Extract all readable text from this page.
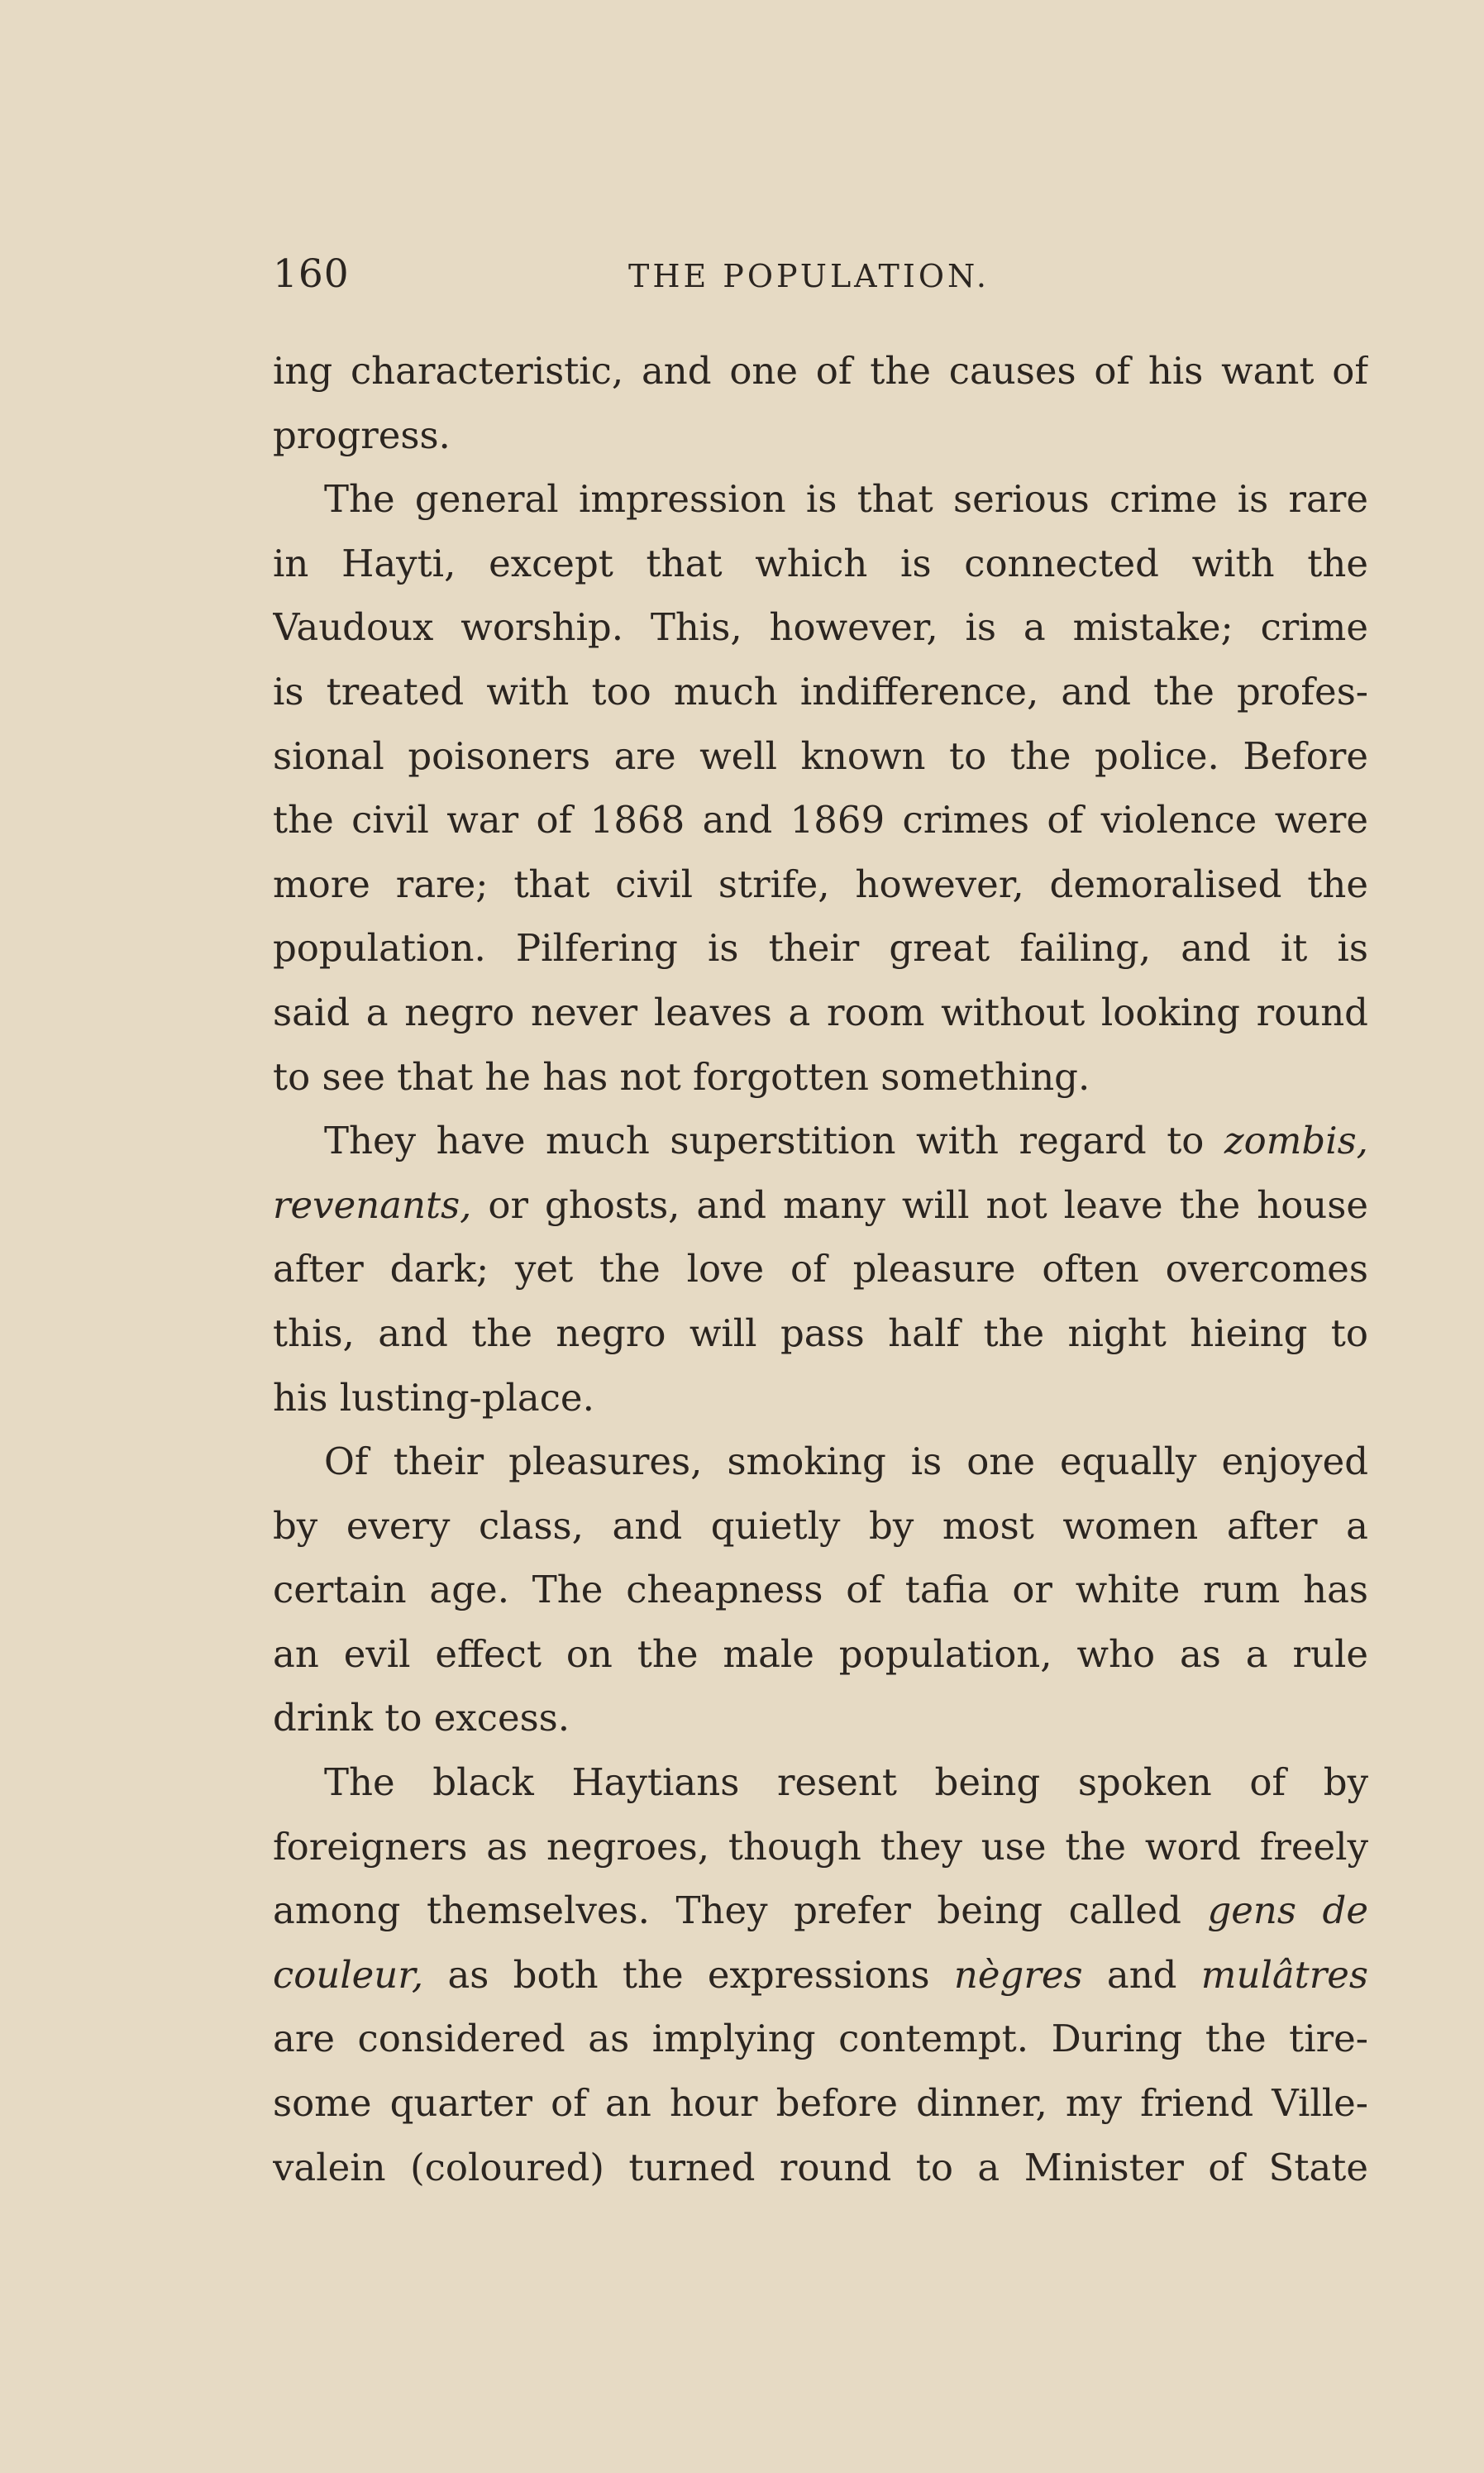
160	THE POPULATION.
ing characteristic, and one of the causes of his want of
progress.
The general impression is that serious crime is rare
in Hayti, except that which is connected with the
Vaudoux worship. This, however, is a mistake; crime
is treated with too much indifference, and the profes-
sional poisoners are well known to the police. Before
the civil war of 1868 and 1869 crimes of violence were
more rare; that civil strife, however, demoralised the
population. Pilfering is their great failing, and it is
said a negro never leaves a room without looking round
to see that he has not forgotten something.
They have much superstition with regard to zombis,
revenants, or ghosts, and many will not leave the house
after dark; yet the love of pleasure often overcomes
this, and the negro will pass half the night hieing to
his lusting-place.
Of their pleasures, smoking is one equally enjoyed
by every class, and quietly by most women after a
certain age. The cheapness of tafia or white rum has
an evil effect on the male population, who as a rule
drink to excess.
The black Haytians resent being spoken of by
foreigners as negroes, though they use the word freely
among themselves. They prefer being called gens de
couleur, as both the expressions nègres and mulâtres
are considered as implying contempt. During the tire-
some quarter of an hour before dinner, my friend Ville-
valein (coloured) turned round to a Minister of State
